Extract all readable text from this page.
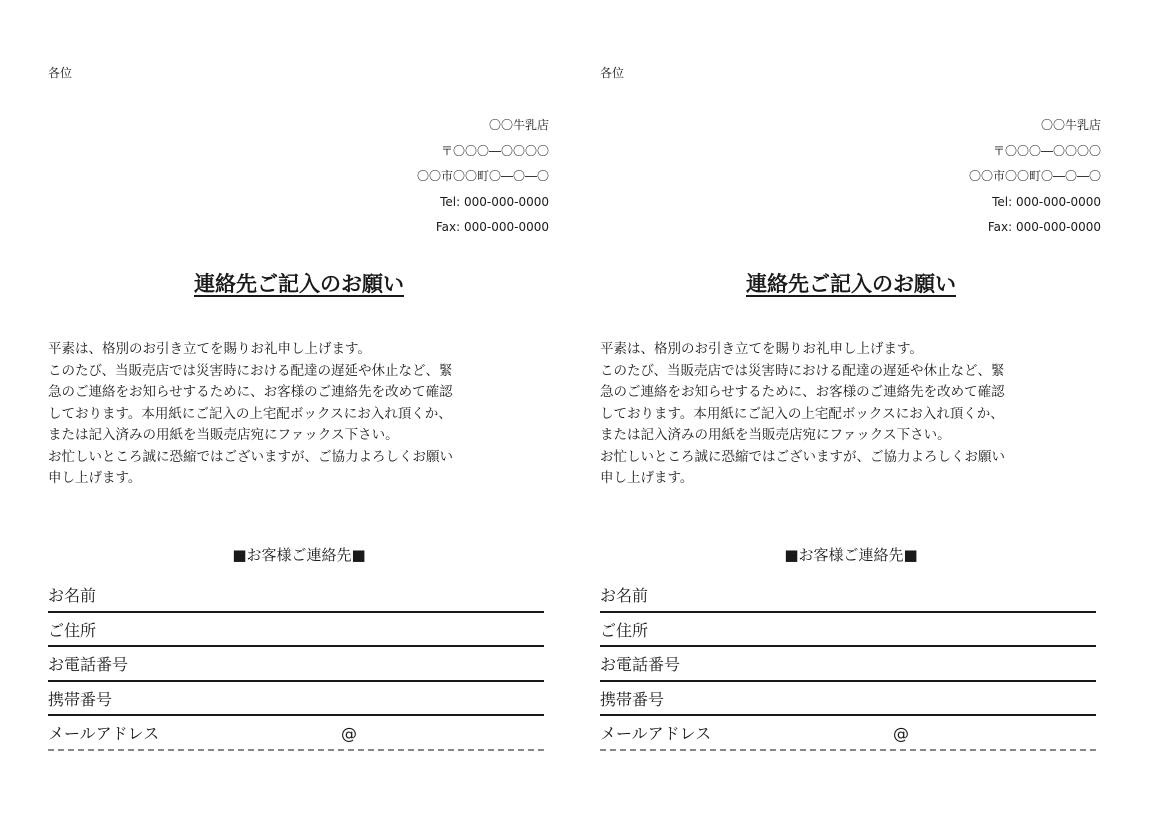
各位
〇〇牛乳店
〒〇〇〇―〇〇〇〇
〇〇市〇〇町〇―〇―〇
Tel: 000-000-0000
Fax: 000-000-0000
連絡先ご記入のお願い

平素は、格別のお引き立てを賜りお礼申し上げます。

このたび、当販売店では災害時における配達の遅延や休止など、緊

急のご連絡をお知らせするために、お客様のご連絡先を改めて確認

しております。本用紙にご記入の上宅配ボックスにお入れ頂くか、

または記入済みの用紙を当販売店宛にファックス下さい。

お忙しいところ誠に恐縮ではございますが、ご協力よろしくお願い

申し上げます。

■お客様ご連絡先■
お名前
ご住所
お電話番号
携帯番号
メールアドレス	@
各位
〇〇牛乳店
〒〇〇〇―〇〇〇〇
〇〇市〇〇町〇―〇―〇
Tel: 000-000-0000
Fax: 000-000-0000
連絡先ご記入のお願い

平素は、格別のお引き立てを賜りお礼申し上げます。

このたび、当販売店では災害時における配達の遅延や休止など、緊

急のご連絡をお知らせするために、お客様のご連絡先を改めて確認

しております。本用紙にご記入の上宅配ボックスにお入れ頂くか、

または記入済みの用紙を当販売店宛にファックス下さい。

お忙しいところ誠に恐縮ではございますが、ご協力よろしくお願い

申し上げます。

■お客様ご連絡先■
お名前
ご住所
お電話番号
携帯番号
メールアドレス	@
